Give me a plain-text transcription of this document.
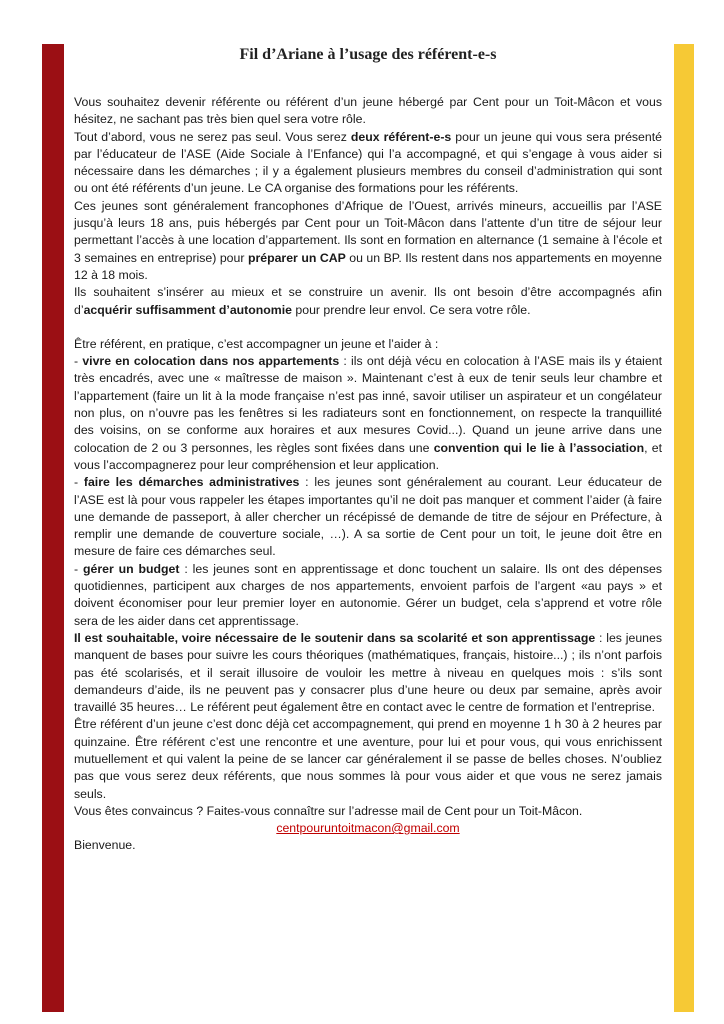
Fil d’Ariane à l’usage des référent-e-s

Vous souhaitez devenir référente ou référent d’un jeune hébergé par Cent pour un Toit-Mâcon et vous hésitez, ne sachant pas très bien quel sera votre rôle.

Tout d’abord, vous ne serez pas seul. Vous serez deux référent-e-s pour un jeune qui vous sera présenté par l’éducateur de l’ASE (Aide Sociale à l’Enfance) qui l’a accompagné, et qui s’engage à vous aider si nécessaire dans les démarches ; il y a également plusieurs membres du conseil d’administration qui sont ou ont été référents d’un jeune. Le CA organise des formations pour les référents.

Ces jeunes sont généralement francophones d’Afrique de l’Ouest, arrivés mineurs, accueillis par l’ASE jusqu’à leurs 18 ans, puis hébergés par Cent pour un Toit-Mâcon dans l’attente d’un titre de séjour leur permettant l’accès à une location d’appartement. Ils sont en formation en alternance (1 semaine à l’école et 3 semaines en entreprise) pour préparer un CAP ou un BP. Ils restent dans nos appartements en moyenne 12 à 18 mois.

Ils souhaitent s’insérer au mieux et se construire un avenir. Ils ont besoin d’être accompagnés afin d’acquérir suffisamment d’autonomie pour prendre leur envol. Ce sera votre rôle.

Être référent, en pratique, c’est accompagner un jeune et l’aider à :

- vivre en colocation dans nos appartements : ils ont déjà vécu en colocation à l’ASE mais ils y étaient très encadrés, avec une « maîtresse de maison ». Maintenant c’est à eux de tenir seuls leur chambre et l’appartement (faire un lit à la mode française n’est pas inné, savoir utiliser un aspirateur et un congélateur non plus, on n’ouvre pas les fenêtres si les radiateurs sont en fonctionnement, on respecte la tranquillité des voisins, on se conforme aux horaires et aux mesures Covid...). Quand un jeune arrive dans une colocation de 2 ou 3 personnes, les règles sont fixées dans une convention qui le lie à l’association, et vous l’accompagnerez pour leur compréhension et leur application.

- faire les démarches administratives : les jeunes sont généralement au courant. Leur éducateur de l’ASE est là pour vous rappeler les étapes importantes qu’il ne doit pas manquer et comment l’aider (à faire une demande de passeport, à aller chercher un récépissé de demande de titre de séjour en Préfecture, à remplir une demande de couverture sociale, …). A sa sortie de Cent pour un toit, le jeune doit être en mesure de faire ces démarches seul.

- gérer un budget : les jeunes sont en apprentissage et donc touchent un salaire. Ils ont des dépenses quotidiennes, participent aux charges de nos appartements, envoient parfois de l’argent «au pays » et doivent économiser pour leur premier loyer en autonomie. Gérer un budget, cela s’apprend et votre rôle sera de les aider dans cet apprentissage.

Il est souhaitable, voire nécessaire de le soutenir dans sa scolarité et son apprentissage : les jeunes manquent de bases pour suivre les cours théoriques (mathématiques, français, histoire...) ; ils n’ont parfois pas été scolarisés, et il serait illusoire de vouloir les mettre à niveau en quelques mois : s’ils sont demandeurs d’aide, ils ne peuvent pas y consacrer plus d’une heure ou deux par semaine, après avoir travaillé 35 heures… Le référent peut également être en contact avec le centre de formation et l’entreprise.

Être référent d’un jeune c’est donc déjà cet accompagnement, qui prend en moyenne 1 h 30 à 2 heures par quinzaine. Être référent c’est une rencontre et une aventure, pour lui et pour vous, qui vous enrichissent mutuellement et qui valent la peine de se lancer car généralement il se passe de belles choses. N’oubliez pas que vous serez deux référents, que nous sommes là pour vous aider et que vous ne serez jamais seuls.

Vous êtes convaincus ? Faites-vous connaître sur l’adresse mail de Cent pour un Toit-Mâcon.

centpouruntoitmacon@gmail.com

Bienvenue.
